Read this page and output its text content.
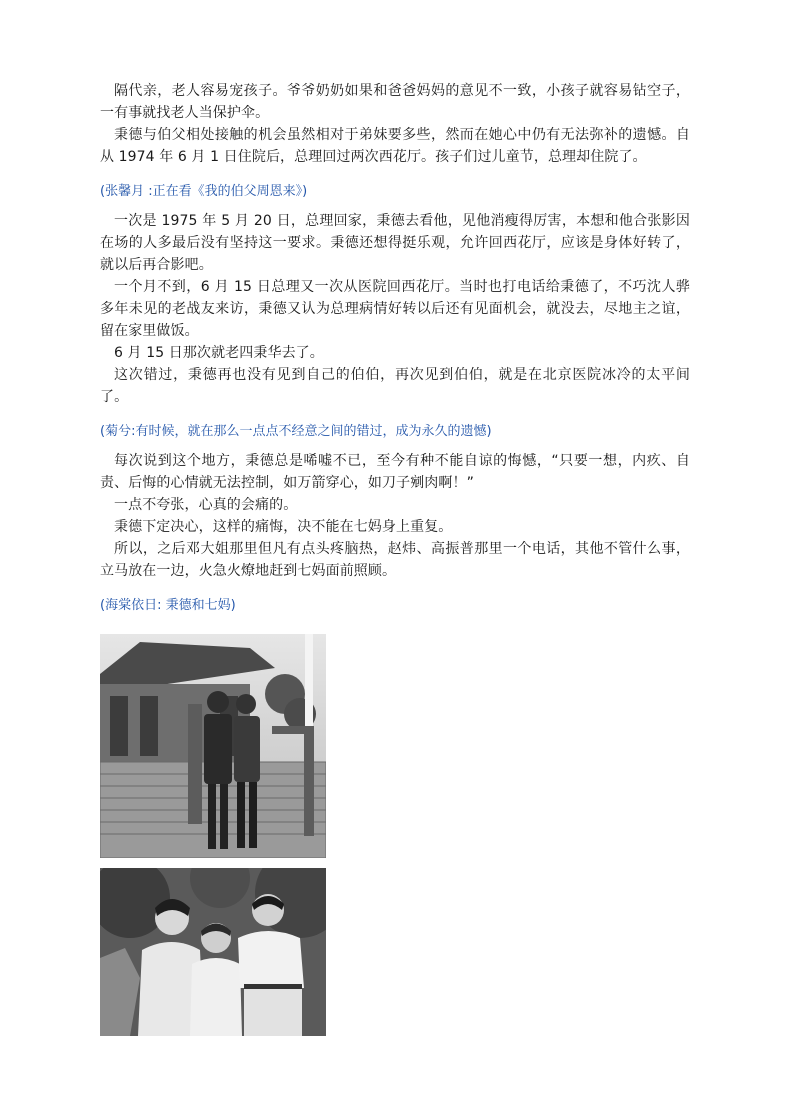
隔代亲，老人容易宠孩子。爷爷奶奶如果和爸爸妈妈的意见不一致，小孩子就容易钻空子，一有事就找老人当保护伞。

秉德与伯父相处接触的机会虽然相对于弟妹要多些，然而在她心中仍有无法弥补的遗憾。自从 1974 年 6 月 1 日住院后，总理回过两次西花厅。孩子们过儿童节，总理却住院了。

(张馨月 :正在看《我的伯父周恩来》)

一次是 1975 年 5 月 20 日，总理回家，秉德去看他，见他消瘦得厉害，本想和他合张影因在场的人多最后没有坚持这一要求。秉德还想得挺乐观，允许回西花厅，应该是身体好转了，就以后再合影吧。

一个月不到，6 月 15 日总理又一次从医院回西花厅。当时也打电话给秉德了，不巧沈人骅多年未见的老战友来访，秉德又认为总理病情好转以后还有见面机会，就没去，尽地主之谊，留在家里做饭。

6 月 15 日那次就老四秉华去了。

这次错过，秉德再也没有见到自己的伯伯，再次见到伯伯，就是在北京医院冰冷的太平间了。

(菊兮:有时候，就在那么一点点不经意之间的错过，成为永久的遗憾)

每次说到这个地方，秉德总是唏嘘不已，至今有种不能自谅的悔憾，“只要一想，内疚、自责、后悔的心情就无法控制，如万箭穿心，如刀子剜肉啊！”

一点不夸张，心真的会痛的。

秉德下定决心，这样的痛悔，决不能在七妈身上重复。

所以，之后邓大姐那里但凡有点头疼脑热，赵炜、高振普那里一个电话，其他不管什么事，立马放在一边，火急火燎地赶到七妈面前照顾。

(海棠依日: 秉德和七妈)
